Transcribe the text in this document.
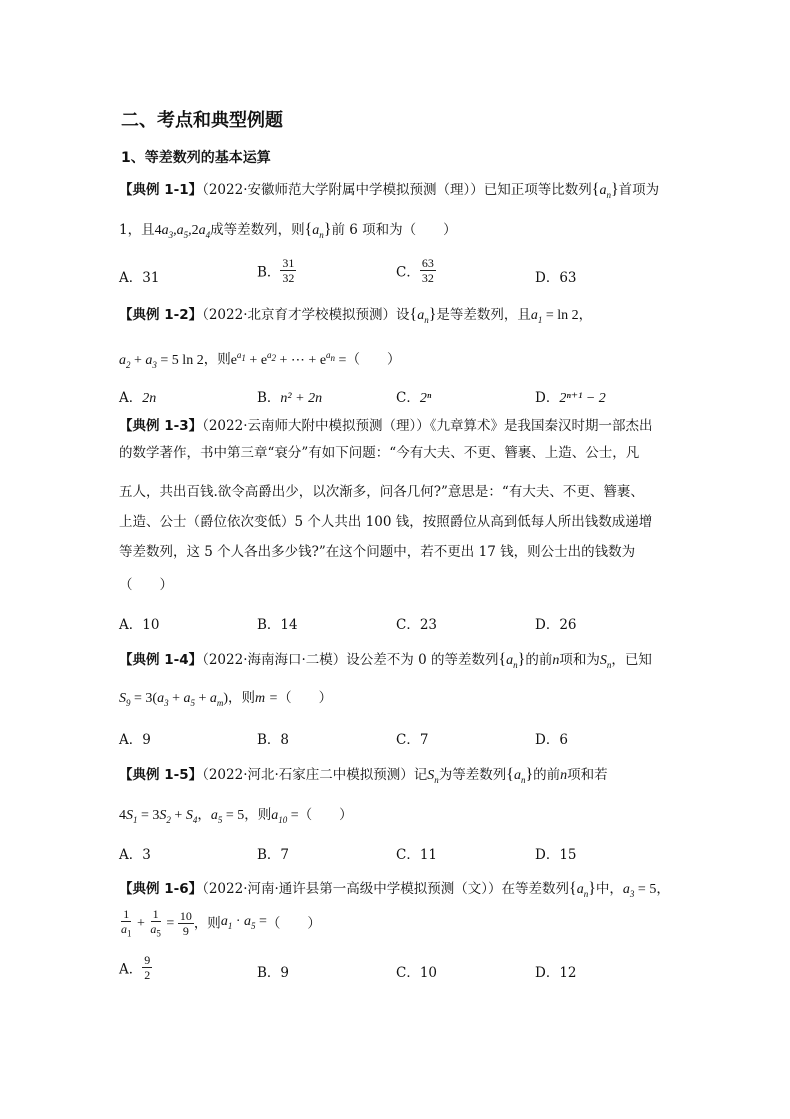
二、考点和典型例题
1、等差数列的基本运算
【典例 1-1】（2022·安徽师范大学附属中学模拟预测（理））已知正项等比数列$\{a_n\}$首项为
1，且$4a_3,a_5,2a_4$成等差数列，则$\{a_n\}$前 6 项和为（　　）
A．31	B． $\frac{31}{32}$	C． $\frac{63}{32}$	D．63
【典例 1-2】（2022·北京育才学校模拟预测）设$\{a_n\}$是等差数列，且$a_1 = \ln 2$，
$a_2 + a_3 = 5$ ln 2，则$e^{a_1} + e^{a_2}$ + ⋯ + $e^{a_n}$ =（　　）
A．2n	B．n² + 2n	C．2ⁿ	D．2ⁿ⁺¹ − 2
【典例 1-3】（2022·云南师大附中模拟预测（理））《九章算术》是我国秦汉时期一部杰出
的数学著作，书中第三章“衰分”有如下问题：“今有大夫、不更、簪裹、上造、公士，凡
五人，共出百钱.欲令高爵出少，以次渐多，问各几何?”意思是：“有大夫、不更、簪裹、
上造、公士（爵位依次变低）5 个人共出 100 钱，按照爵位从高到低每人所出钱数成递增
等差数列，这 5 个人各出多少钱?”在这个问题中，若不更出 17 钱，则公士出的钱数为
（　　）
A．10	B．14	C．23	D．26
【典例 1-4】（2022·海南海口·二模）设公差不为 0 的等差数列$\{a_n\}$的前n项和为$S_n$，已知
$S_9 = 3(a_3 + a_5 + a_m)$，则m =（　　）
A．9	B．8	C．7	D．6
【典例 1-5】（2022·河北·石家庄二中模拟预测）记$S_n$为等差数列$\{a_n\}$的前n项和若
$4S_1 = 3S_2 + S_4$，$a_5 = 5$，则$a_{10}$ =（　　）
A．3	B．7	C．11	D．15
【典例 1-6】（2022·河南·通许县第一高级中学模拟预测（文））在等差数列$\{a_n\}$中，$a_3 = 5$，
$\frac{1}{a_1} + \frac{1}{a_5} = \frac{10}{9}$ ，则$a_1 \cdot a_5$ =（　　）
A． $\frac{9}{2}$	B．9	C．10	D．12
